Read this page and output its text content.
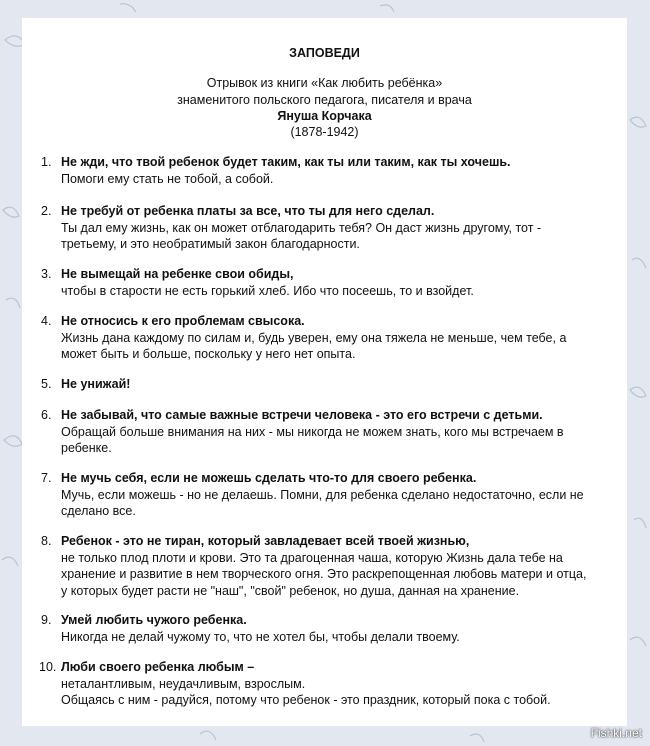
ЗАПОВЕДИ
Отрывок из книги «Как любить ребёнка»
знаменитого польского педагога, писателя и врача
Януша Корчака
(1878-1942)
1. Не жди, что твой ребенок будет таким, как ты или таким, как ты хочешь.
Помоги ему стать не тобой, а собой.
2. Не требуй от ребенка платы за все, что ты для него сделал.
Ты дал ему жизнь, как он может отблагодарить тебя? Он даст жизнь другому, тот -
третьему, и это необратимый закон благодарности.
3. Не вымещай на ребенке свои обиды,
чтобы в старости не есть горький хлеб. Ибо что посеешь, то и взойдет.
4. Не относись к его проблемам свысока.
Жизнь дана каждому по силам и, будь уверен, ему она тяжела не меньше, чем тебе, а
может быть и больше, поскольку у него нет опыта.
5. Не унижай!
6. Не забывай, что самые важные встречи человека - это его встречи с детьми.
Обращай больше внимания на них - мы никогда не можем знать, кого мы встречаем в
ребенке.
7. Не мучь себя, если не можешь сделать что-то для своего ребенка.
Мучь, если можешь - но не делаешь. Помни, для ребенка сделано недостаточно, если не
сделано все.
8. Ребенок - это не тиран, который завладевает всей твоей жизнью,
не только плод плоти и крови. Это та драгоценная чаша, которую Жизнь дала тебе на
хранение и развитие в нем творческого огня. Это раскрепощенная любовь матери и отца,
у которых будет расти не "наш", "свой" ребенок, но душа, данная на хранение.
9. Умей любить чужого ребенка.
Никогда не делай чужому то, что не хотел бы, чтобы делали твоему.
10. Люби своего ребенка любым –
неталантливым, неудачливым, взрослым.
Общаясь с ним - радуйся, потому что ребенок - это праздник, который пока с тобой.
Fishki.net
